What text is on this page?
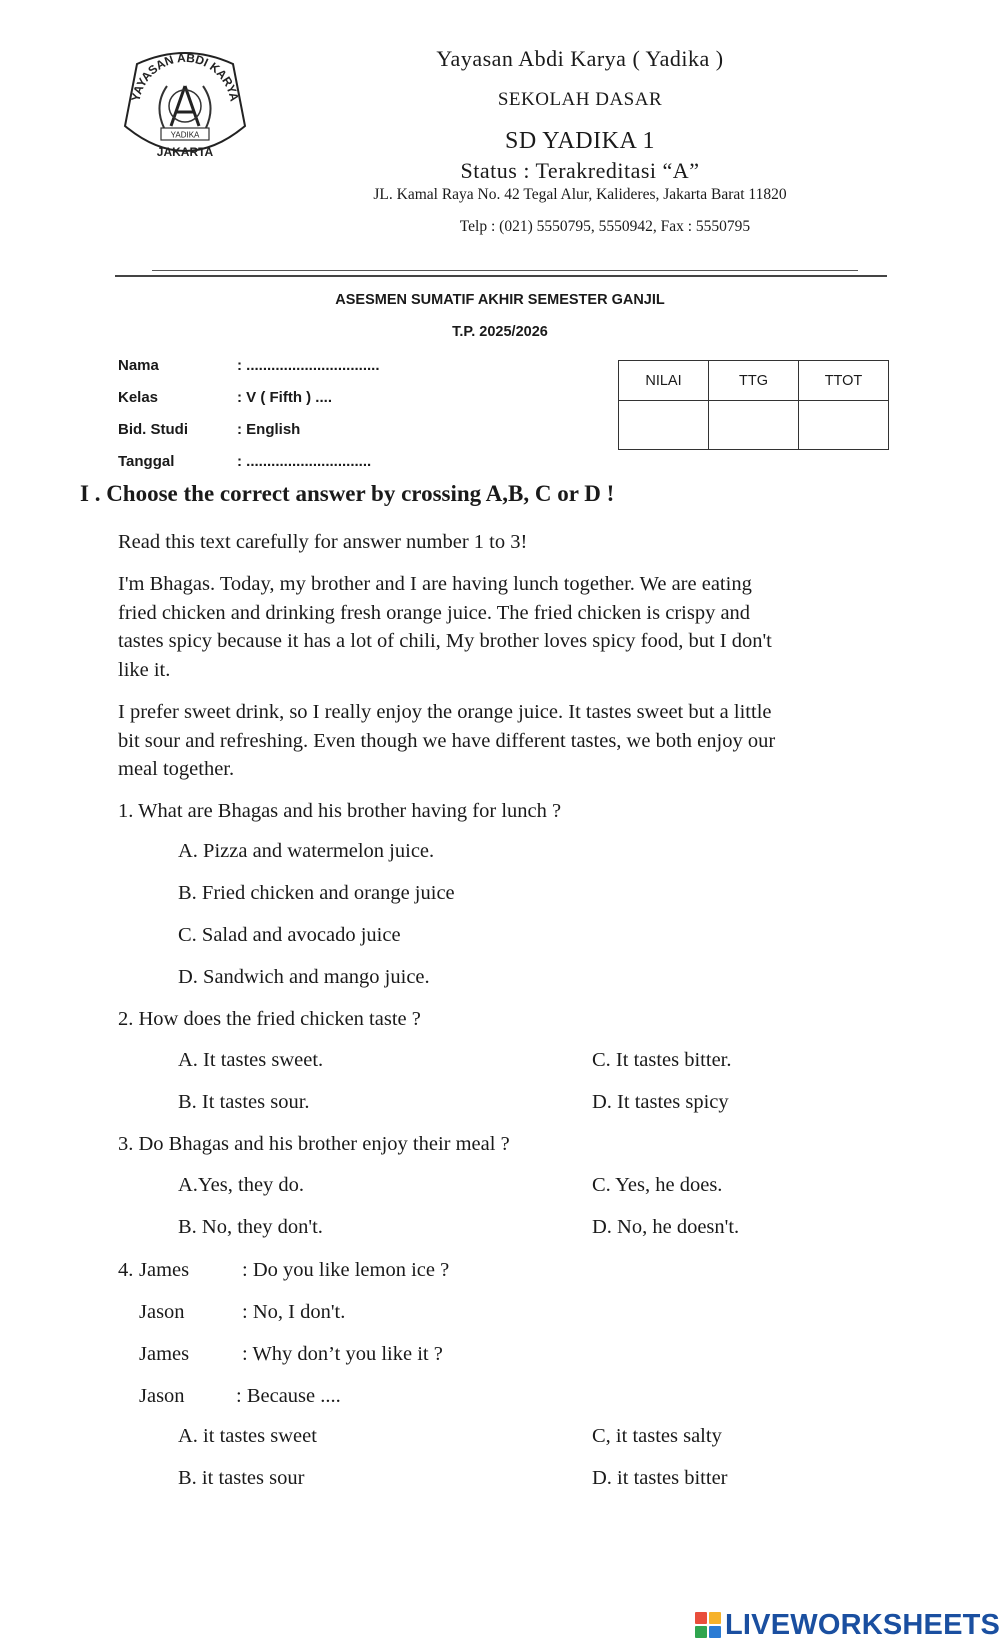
YAYASAN ABDI KARYA
YADIKA
JAKARTA
Yayasan Abdi Karya ( Yadika )
SEKOLAH DASAR
SD YADIKA 1
Status : Terakreditasi “A”
JL. Kamal Raya No. 42 Tegal Alur, Kalideres, Jakarta Barat 11820
Telp : (021) 5550795, 5550942, Fax : 5550795
ASESMEN SUMATIF AKHIR SEMESTER GANJIL
T.P. 2025/2026
Nama	: ................................
Kelas	: V ( Fifth ) ....
Bid. Studi	: English
Tanggal	: ..............................
NILAI	TTG	TTOT

I . Choose the correct answer by crossing A,B, C or D !
Read this text carefully for answer number 1 to 3!
I'm Bhagas. Today, my brother and I are having lunch together. We are eating
fried chicken and drinking fresh orange juice. The fried chicken is crispy and
tastes spicy because it has a lot of chili, My brother loves spicy food, but I don't
like it.
I prefer sweet drink, so I really enjoy the orange juice. It tastes sweet but a little
bit sour and refreshing. Even though we have different tastes, we both enjoy our
meal together.
1. What are Bhagas and his brother having for lunch ?
A. Pizza and watermelon juice.
B. Fried chicken and orange juice
C. Salad and avocado juice
D. Sandwich and mango juice.
2. How does the fried chicken taste ?
A. It tastes sweet.	C. It tastes bitter.
B. It tastes sour.	D. It tastes spicy
3. Do Bhagas and his brother enjoy their meal ?
A.Yes, they do.	C. Yes, he does.
B. No, they don't.	D. No, he doesn't.
4. James	: Do you like lemon ice ?
Jason	: No, I don't.
James	: Why don’t you like it ?
Jason	: Because ....
A. it tastes sweet	C, it tastes salty
B. it tastes sour	D. it tastes bitter
LIVEWORKSHEETS
